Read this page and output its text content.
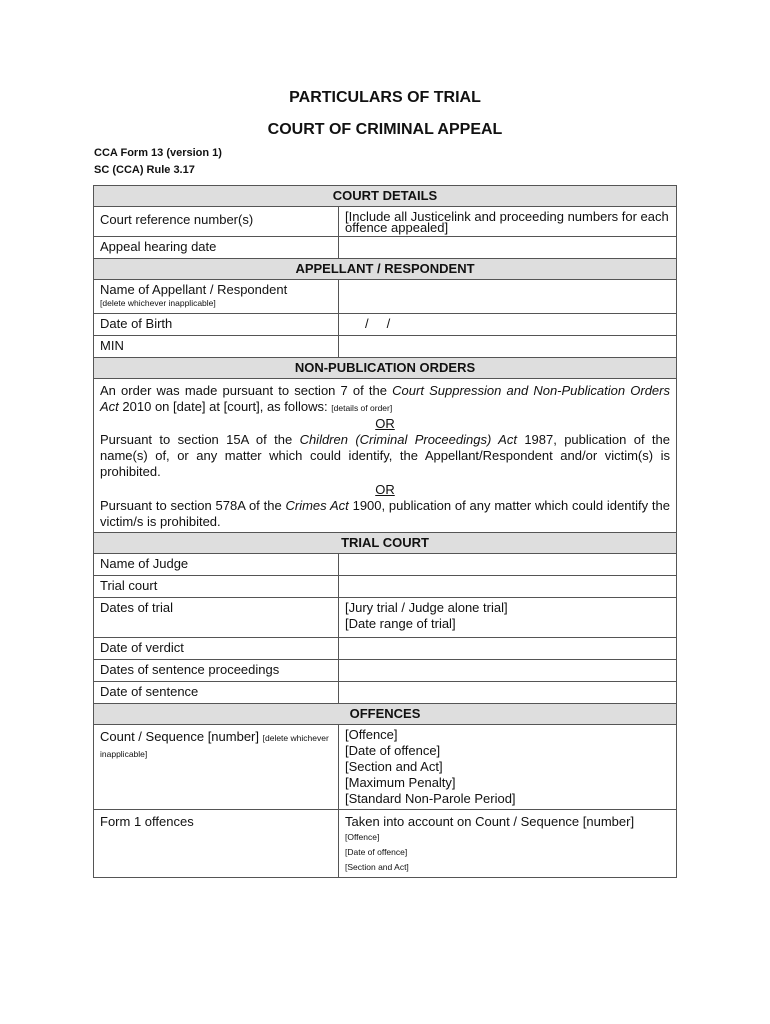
PARTICULARS OF TRIAL
COURT OF CRIMINAL APPEAL
CCA Form 13 (version 1)
SC (CCA) Rule 3.17
COURT DETAILS	
Court reference number(s)	[Include all Justicelink and proceeding numbers for each offence appealed]
Appeal hearing date	
APPELLANT / RESPONDENT	

Name of Appellant / Respondent
[delete whichever inapplicable]	

Date of Birth	/     /
MIN	
NON-PUBLICATION ORDERS	

An order was made pursuant to section 7 of the Court Suppression and Non-Publication Orders Act 2010 on [date] at [court], as follows: [details of order]
OR
Pursuant to section 15A of the Children (Criminal Proceedings) Act 1987, publication of the name(s) of, or any matter which could identify, the Appellant/Respondent and/or victim(s) is prohibited.
OR
Pursuant to section 578A of the Crimes Act 1900, publication of any matter which could identify the victim/s is prohibited.	

TRIAL COURT	
Name of Judge	
Trial court	
Dates of trial	[Jury trial / Judge alone trial]
[Date range of trial]

Date of verdict	
Dates of sentence proceedings	
Date of sentence	
OFFENCES	
Count / Sequence [number] [delete whichever inapplicable]	[Offence]
[Date of offence]
[Section and Act]
[Maximum Penalty]
[Standard Non-Parole Period]

Form 1 offences	Taken into account on Count / Sequence [number]
[Offence]
[Date of offence]
[Section and Act]
